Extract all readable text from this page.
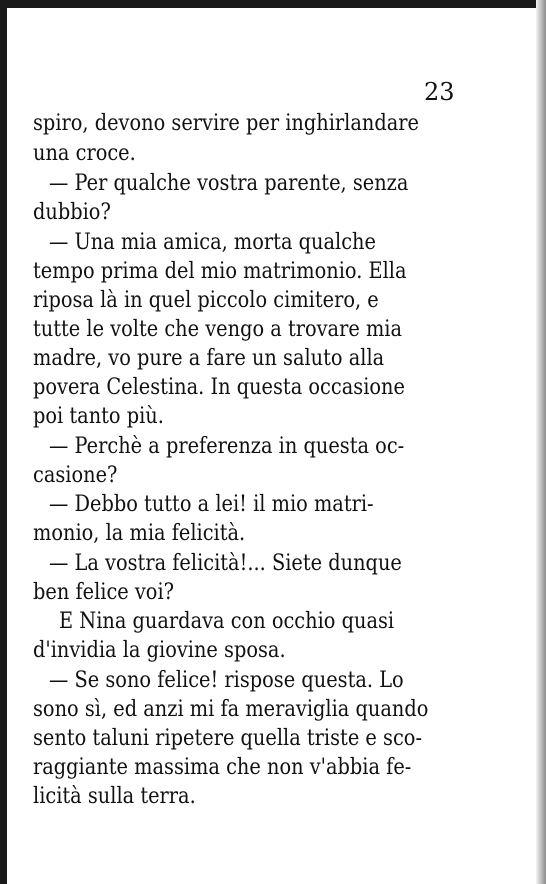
23
spiro, devono servire per inghirlandare
una croce.
— Per qualche vostra parente, senza
dubbio?
— Una mia amica, morta qualche
tempo prima del mio matrimonio. Ella
riposa là in quel piccolo cimitero, e
tutte le volte che vengo a trovare mia
madre, vo pure a fare un saluto alla
povera Celestina. In questa occasione
poi tanto più.
— Perchè a preferenza in questa oc-
casione?
— Debbo tutto a lei! il mio matri-
monio, la mia felicità.
— La vostra felicità!... Siete dunque
ben felice voi?
E Nina guardava con occhio quasi
d'invidia la giovine sposa.
— Se sono felice! rispose questa. Lo
sono sì, ed anzi mi fa meraviglia quando
sento taluni ripetere quella triste e sco-
raggiante massima che non v'abbia fe-
licità sulla terra.
